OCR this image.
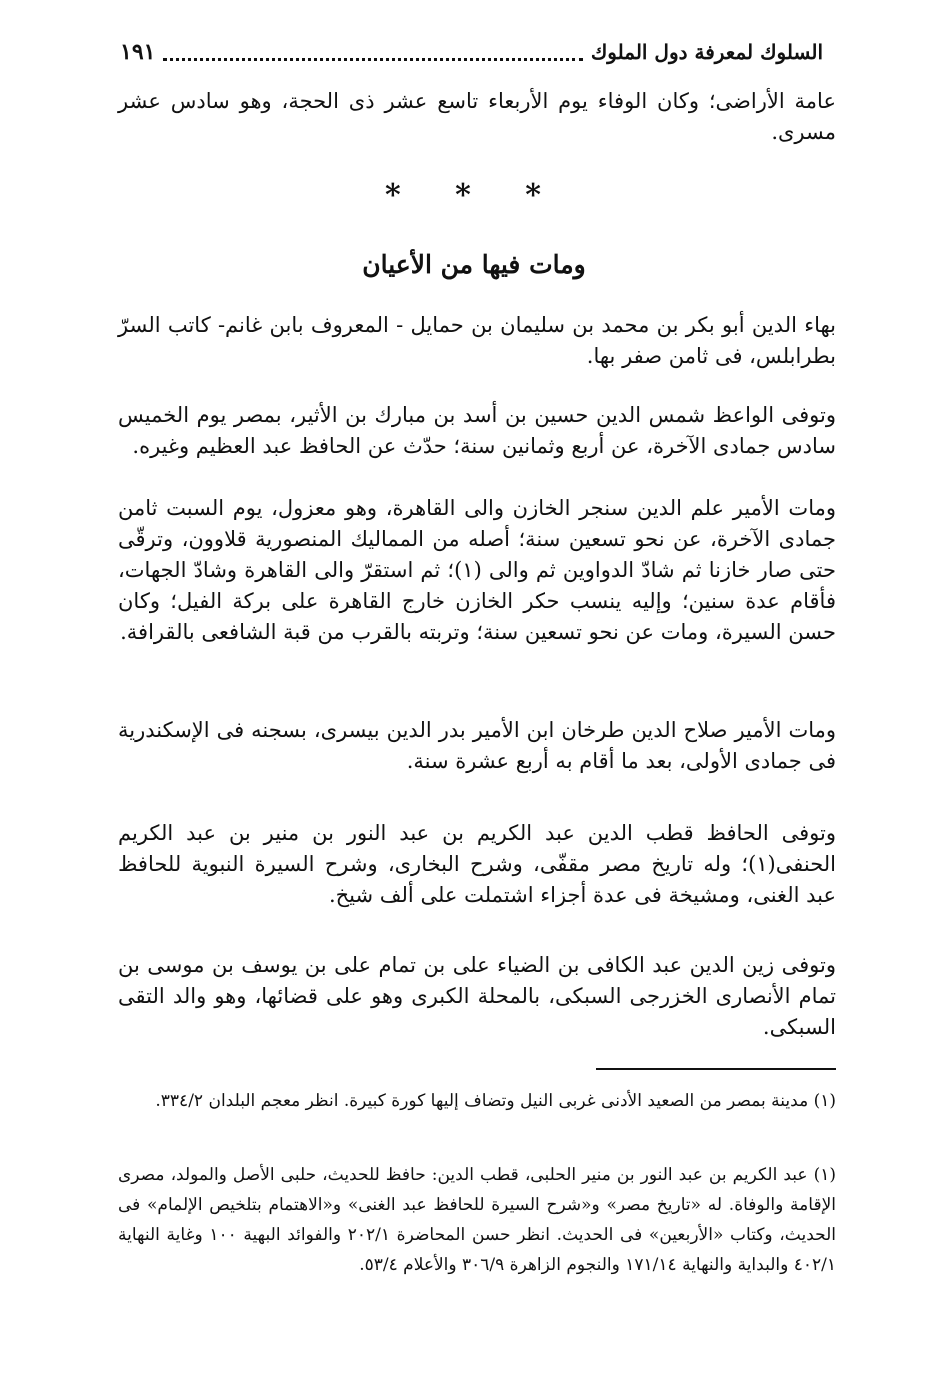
السلوك لمعرفة دول الملوك
١٩١

عامة الأراضى؛ وكان الوفاء يوم الأربعاء تاسع عشر ذى الحجة، وهو سادس عشر مسرى.

* * *
ومات فيها من الأعيان

بهاء الدين أبو بكر بن محمد بن سليمان بن حمايل - المعروف بابن غانم- كاتب السرّ بطرابلس، فى ثامن صفر بها.

وتوفى الواعظ شمس الدين حسين بن أسد بن مبارك بن الأثير، بمصر يوم الخميس سادس جمادى الآخرة، عن أربع وثمانين سنة؛ حدّث عن الحافظ عبد العظيم وغيره.

ومات الأمير علم الدين سنجر الخازن والى القاهرة، وهو معزول، يوم السبت ثامن جمادى الآخرة، عن نحو تسعين سنة؛ أصله من المماليك المنصورية قلاوون، وترقّى حتى صار خازنا ثم شادّ الدواوين ثم والى (١)؛ ثم استقرّ والى القاهرة وشادّ الجهات، فأقام عدة سنين؛ وإليه ينسب حكر الخازن خارج القاهرة على بركة الفيل؛ وكان حسن السيرة، ومات عن نحو تسعين سنة؛ وتربته بالقرب من قبة الشافعى بالقرافة.

ومات الأمير صلاح الدين طرخان ابن الأمير بدر الدين بيسرى، بسجنه فى الإسكندرية فى جمادى الأولى، بعد ما أقام به أربع عشرة سنة.

وتوفى الحافظ قطب الدين عبد الكريم بن عبد النور بن منير بن عبد الكريم الحنفى(١)؛ وله تاريخ مصر مقفّى، وشرح البخارى، وشرح السيرة النبوية للحافظ عبد الغنى، ومشيخة فى عدة أجزاء اشتملت على ألف شيخ.

وتوفى زين الدين عبد الكافى بن الضياء على بن تمام على بن يوسف بن موسى بن تمام الأنصارى الخزرجى السبكى، بالمحلة الكبرى وهو على قضائها، وهو والد التقى السبكى.

(١) مدينة بمصر من الصعيد الأدنى غربى النيل وتضاف إليها كورة كبيرة. انظر معجم البلدان ٣٣٤/٢.

(١) عبد الكريم بن عبد النور بن منير الحلبى، قطب الدين: حافظ للحديث، حلبى الأصل والمولد، مصرى الإقامة والوفاة. له «تاريخ مصر» و«شرح السيرة للحافظ عبد الغنى» و«الاهتمام بتلخيص الإلمام» فى الحديث، وكتاب «الأربعين» فى الحديث. انظر حسن المحاضرة ٢٠٢/١ والفوائد البهية ١٠٠ وغاية النهاية ٤٠٢/١ والبداية والنهاية ١٧١/١٤ والنجوم الزاهرة ٣٠٦/٩ والأعلام ٥٣/٤.
